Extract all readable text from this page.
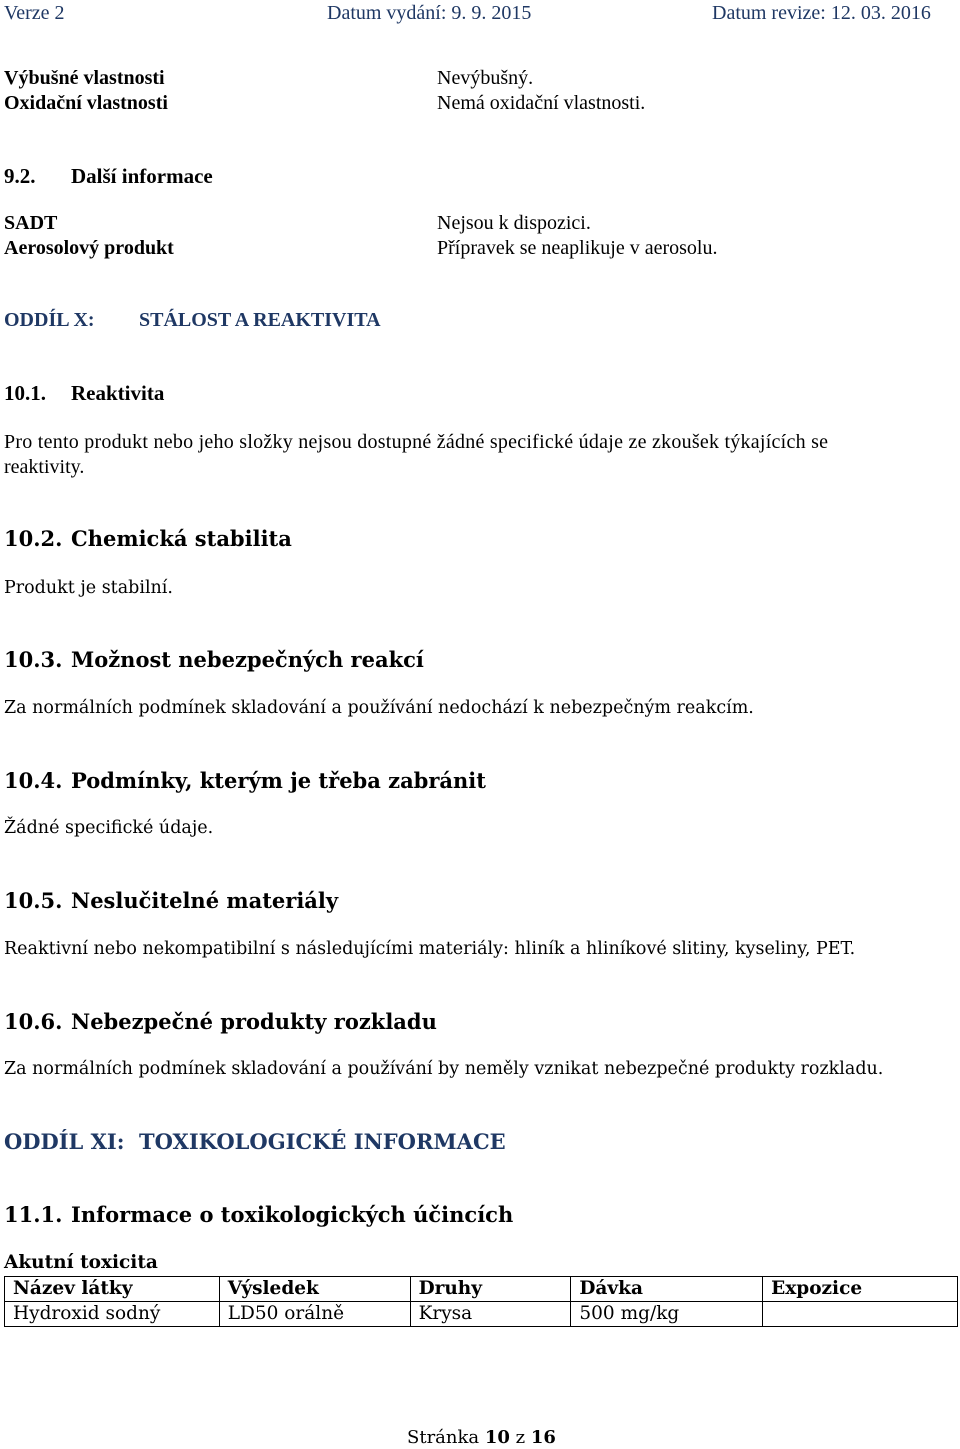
Verze 2	Datum vydání: 9. 9. 2015	Datum revize: 12. 03. 2016
Výbušné vlastnosti	Nevýbušný.
Oxidační vlastnosti	Nemá oxidační vlastnosti.
9.2. Další informace
SADT	Nejsou k dispozici.
Aerosolový produkt	Přípravek se neaplikuje v aerosolu.
ODDÍL X: STÁLOST A REAKTIVITA
10.1. Reaktivita
Pro tento produkt nebo jeho složky nejsou dostupné žádné specifické údaje ze zkoušek týkajících se
reaktivity.
10.2. Chemická stabilita
Produkt je stabilní.
10.3. Možnost nebezpečných reakcí
Za normálních podmínek skladování a používání nedochází k nebezpečným reakcím.
10.4. Podmínky, kterým je třeba zabránit
Žádné specifické údaje.
10.5. Neslučitelné materiály
Reaktivní nebo nekompatibilní s následujícími materiály: hliník a hliníkové slitiny, kyseliny, PET.
10.6. Nebezpečné produkty rozkladu
Za normálních podmínek skladování a používání by neměly vznikat nebezpečné produkty rozkladu.
ODDÍL XI: TOXIKOLOGICKÉ INFORMACE
11.1. Informace o toxikologických účincích
Akutní toxicita
Název látky	Výsledek	Druhy	Dávka	Expozice
Hydroxid sodný	LD50 orálně	Krysa	500 mg/kg	
Stránka 10 z 16
